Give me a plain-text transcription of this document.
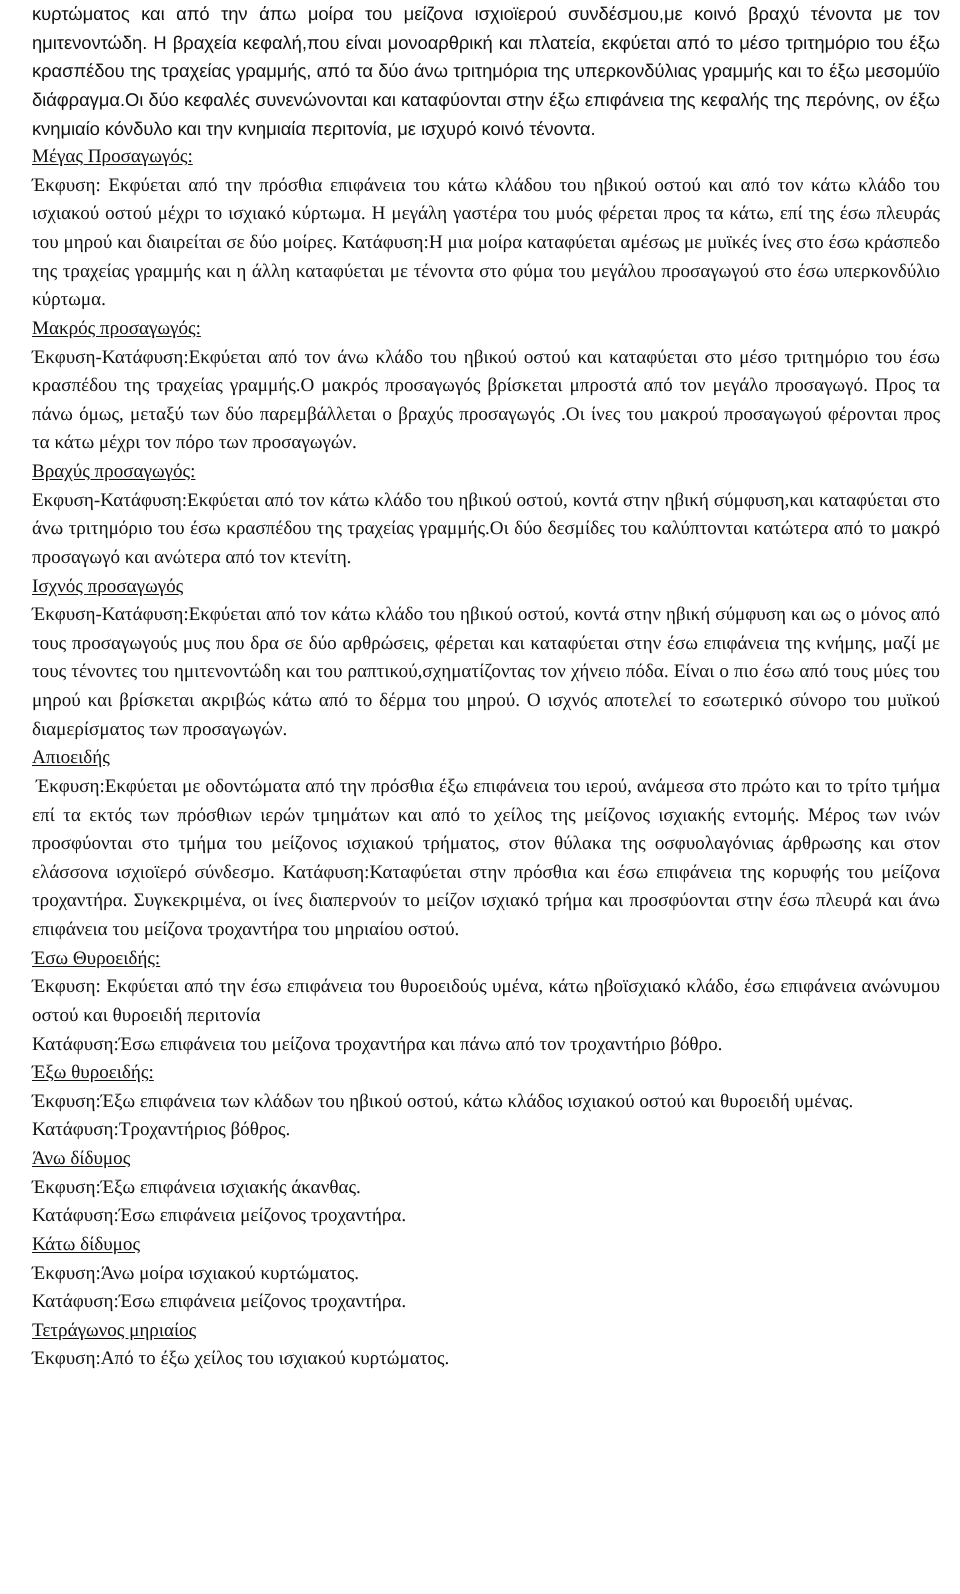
κυρτώματος και από την άπω μοίρα του μείζονα ισχιοϊερού συνδέσμου,με κοινό βραχύ τένοντα με τον ημιτενοντώδη. Η βραχεία κεφαλή,που είναι μονοαρθρική και πλατεία, εκφύεται από το μέσο τριτημόριο του έξω κρασπέδου της τραχείας γραμμής, από τα δύο άνω τριτημόρια της υπερκονδύλιας γραμμής και το έξω μεσομύϊο διάφραγμα.Οι δύο κεφαλές συνενώνονται και καταφύονται στην έξω επιφάνεια της κεφαλής της περόνης, ον έξω κνημιαίο κόνδυλο και την κνημιαία περιτονία, με ισχυρό κοινό τένοντα.

Μέγας Προσαγωγός:

Έκφυση: Εκφύεται από την πρόσθια επιφάνεια του κάτω κλάδου του ηβικού οστού και από τον κάτω κλάδο του ισχιακού οστού μέχρι το ισχιακό κύρτωμα. Η μεγάλη γαστέρα του μυός φέρεται προς τα κάτω, επί της έσω πλευράς του μηρού και διαιρείται σε δύο μοίρες. Κατάφυση:Η μια μοίρα καταφύεται αμέσως με μυϊκές ίνες στο έσω κράσπεδο της τραχείας γραμμής και η άλλη καταφύεται με τένοντα στο φύμα του μεγάλου προσαγωγού στο έσω υπερκονδύλιο κύρτωμα.

Μακρός προσαγωγός:

Έκφυση-Κατάφυση:Εκφύεται από τον άνω κλάδο του ηβικού οστού και καταφύεται στο μέσο τριτημόριο του έσω κρασπέδου της τραχείας γραμμής.Ο μακρός προσαγωγός βρίσκεται μπροστά από τον μεγάλο προσαγωγό. Προς τα πάνω όμως, μεταξύ των δύο παρεμβάλλεται ο βραχύς προσαγωγός .Οι ίνες του μακρού προσαγωγού φέρονται προς τα κάτω μέχρι τον πόρο των προσαγωγών.

Βραχύς προσαγωγός:

Εκφυση-Κατάφυση:Εκφύεται από τον κάτω κλάδο του ηβικού οστού, κοντά στην ηβική σύμφυση,και καταφύεται στο άνω τριτημόριο του έσω κρασπέδου της τραχείας γραμμής.Οι δύο δεσμίδες του καλύπτονται κατώτερα από το μακρό προσαγωγό και ανώτερα από τον κτενίτη.

Ισχνός προσαγωγός

Έκφυση-Κατάφυση:Εκφύεται από τον κάτω κλάδο του ηβικού οστού, κοντά στην ηβική σύμφυση και ως ο μόνος από τους προσαγωγούς μυς που δρα σε δύο αρθρώσεις, φέρεται και καταφύεται στην έσω επιφάνεια της κνήμης, μαζί με τους τένοντες του ημιτενοντώδη και του ραπτικού,σχηματίζοντας τον χήνειο πόδα. Είναι ο πιο έσω από τους μύες του μηρού και βρίσκεται ακριβώς κάτω από το δέρμα του μηρού. Ο ισχνός αποτελεί το εσωτερικό σύνορο του μυϊκού διαμερίσματος των προσαγωγών.

Απιοειδής

Έκφυση:Εκφύεται με οδοντώματα από την πρόσθια έξω επιφάνεια του ιερού, ανάμεσα στο πρώτο και το τρίτο τμήμα επί τα εκτός των πρόσθιων ιερών τμημάτων και από το χείλος της μείζονος ισχιακής εντομής. Μέρος των ινών προσφύονται στο τμήμα του μείζονος ισχιακού τρήματος, στον θύλακα της οσφυολαγόνιας άρθρωσης και στον ελάσσονα ισχιοϊερό σύνδεσμο. Κατάφυση:Καταφύεται στην πρόσθια και έσω επιφάνεια της κορυφής του μείζονα τροχαντήρα. Συγκεκριμένα, οι ίνες διαπερνούν το μείζον ισχιακό τρήμα και προσφύονται στην έσω πλευρά και άνω επιφάνεια του μείζονα τροχαντήρα του μηριαίου οστού.

Έσω Θυροειδής:

Έκφυση: Εκφύεται από την έσω επιφάνεια του θυροειδούς υμένα, κάτω ηβοϊσχιακό κλάδο, έσω επιφάνεια ανώνυμου οστού και θυροειδή περιτονία

Κατάφυση:Έσω επιφάνεια του μείζονα τροχαντήρα και πάνω από τον τροχαντήριο βόθρο.

Έξω θυροειδής:

Έκφυση:Έξω επιφάνεια των κλάδων του ηβικού οστού, κάτω κλάδος ισχιακού οστού και θυροειδή υμένας.

Κατάφυση:Τροχαντήριος βόθρος.

Άνω δίδυμος

Έκφυση:Έξω επιφάνεια ισχιακής άκανθας.

Κατάφυση:Έσω επιφάνεια μείζονος τροχαντήρα.

Κάτω δίδυμος

Έκφυση:Άνω μοίρα ισχιακού κυρτώματος.

Κατάφυση:Έσω επιφάνεια μείζονος τροχαντήρα.

Τετράγωνος μηριαίος

Έκφυση:Από το έξω χείλος του ισχιακού κυρτώματος.
